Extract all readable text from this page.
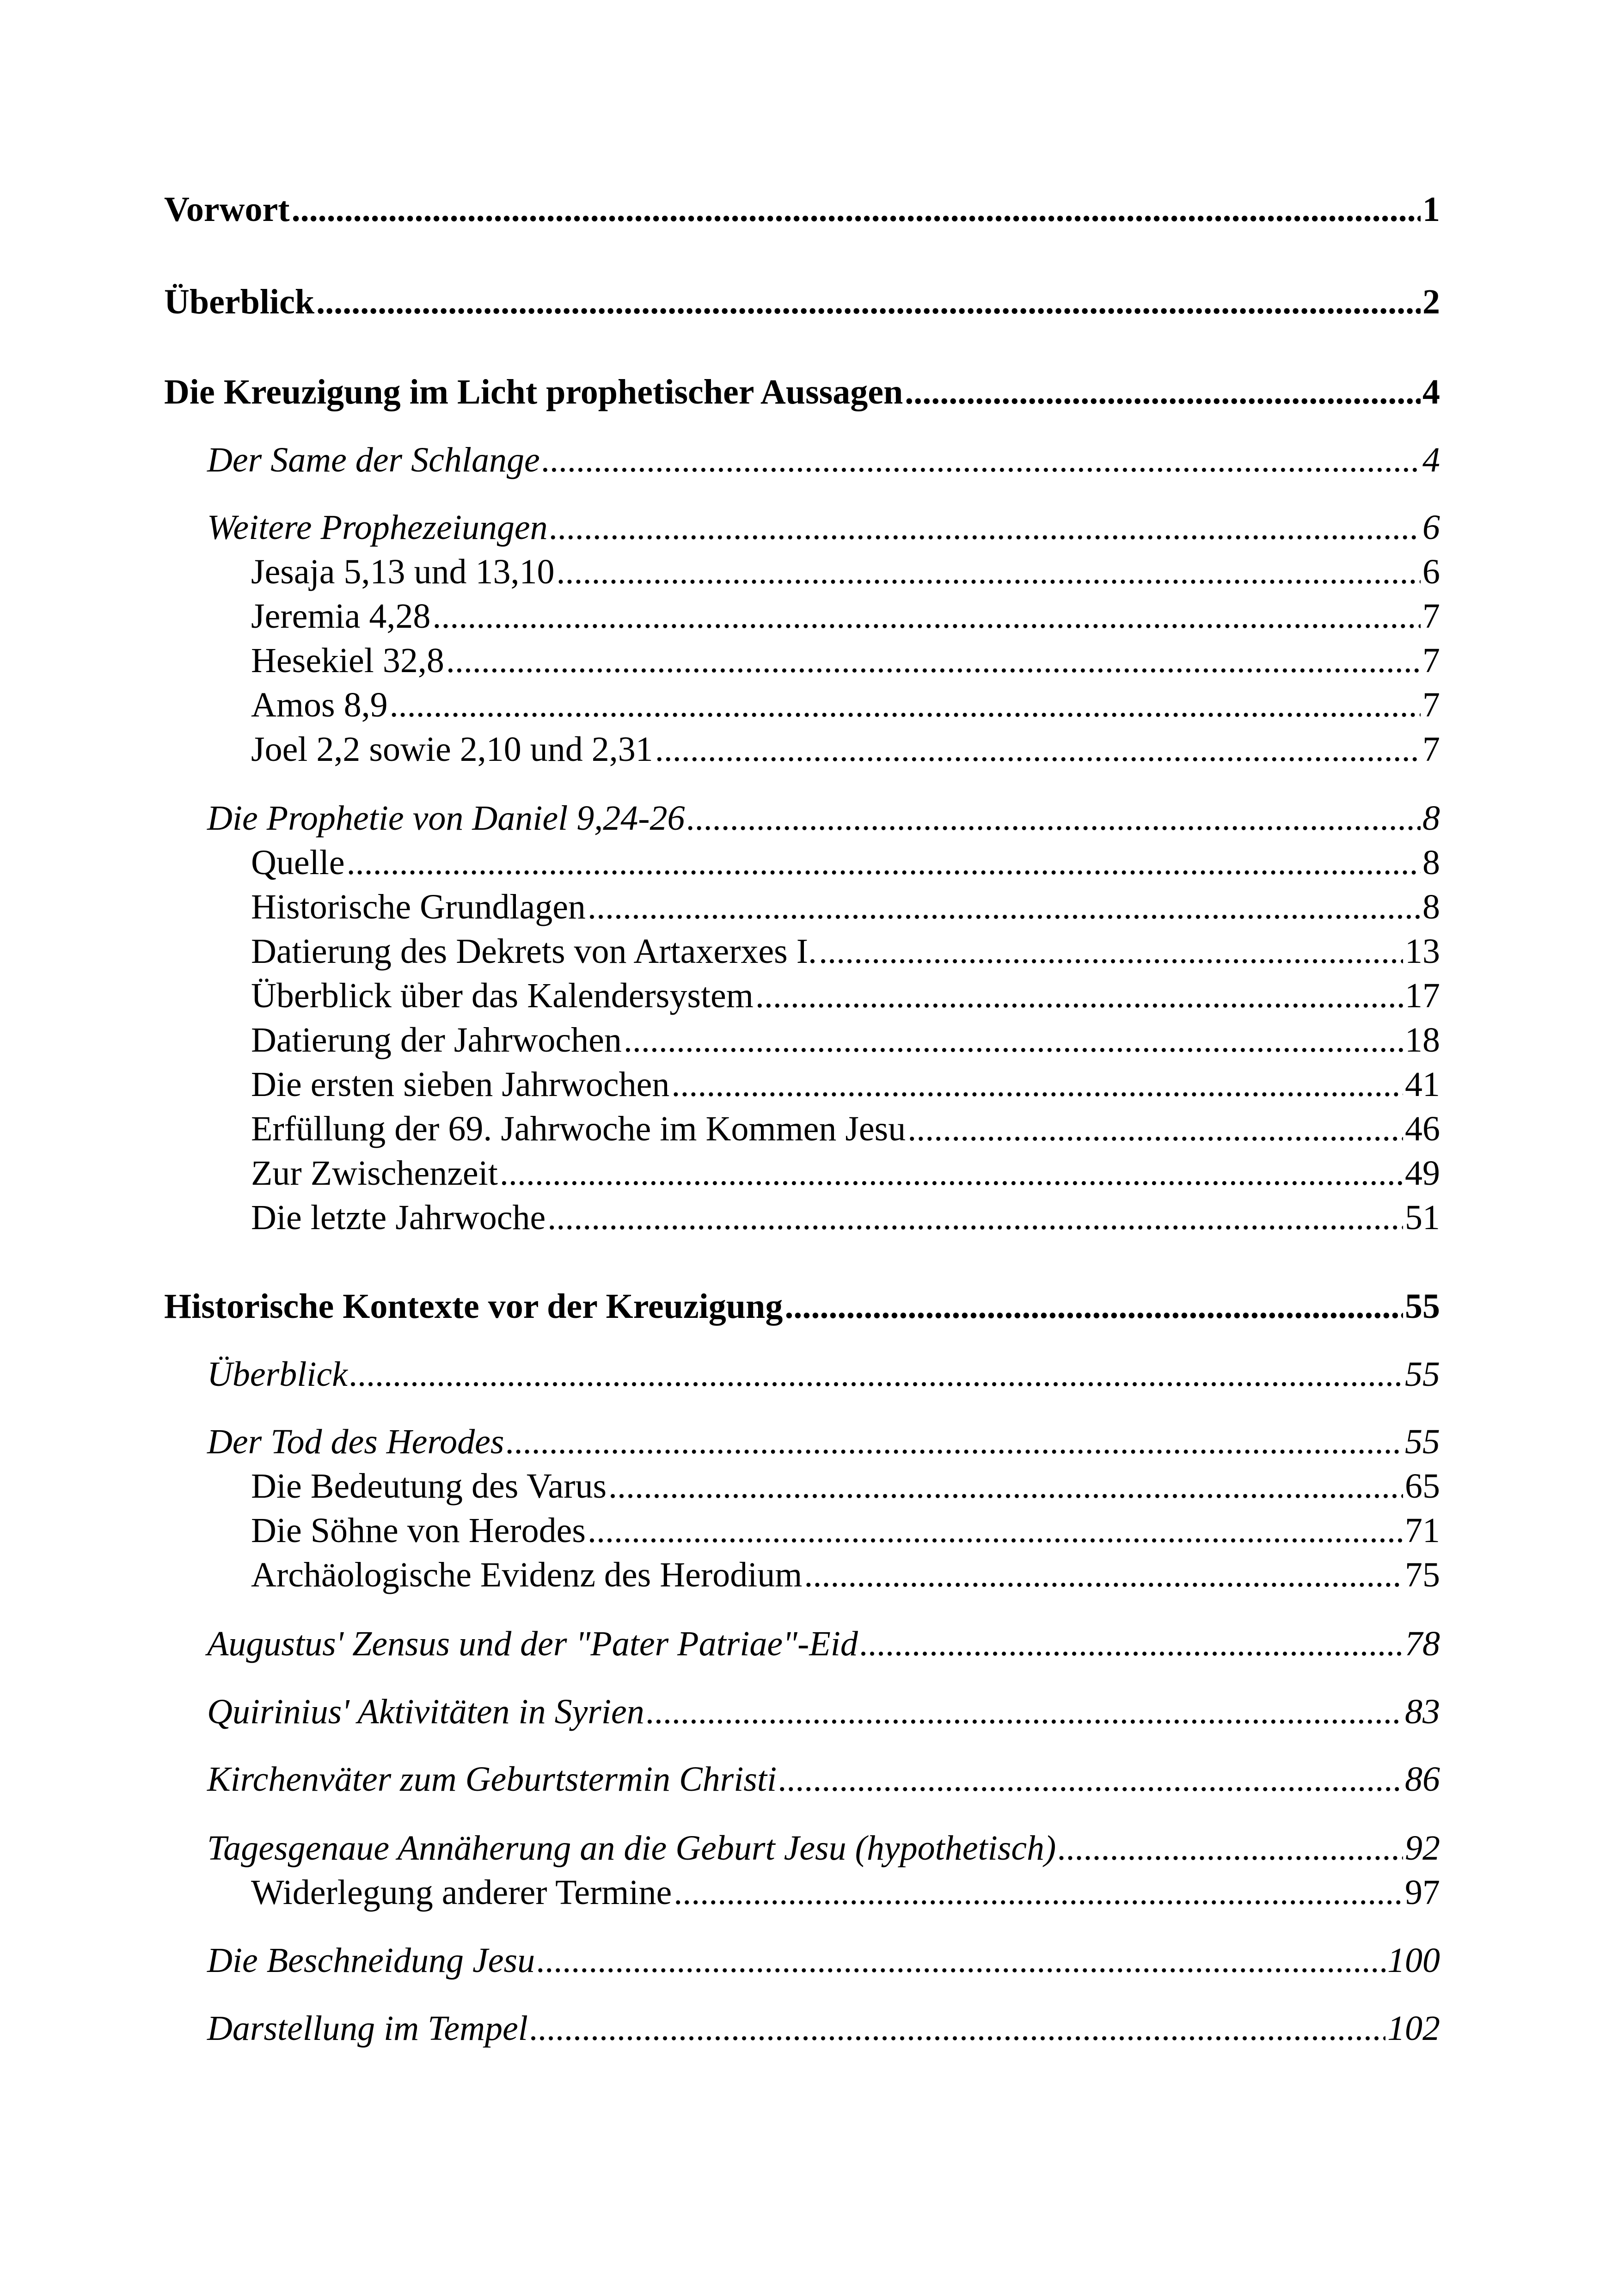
Vorwort .....	1
Überblick .....	2
Die Kreuzigung im Licht prophetischer Aussagen .....	4
Der Same der Schlange .....	4
Weitere Prophezeiungen .....	6
Jesaja 5,13 und 13,10 .....	6
Jeremia 4,28 .....	7
Hesekiel 32,8 .....	7
Amos 8,9 .....	7
Joel 2,2 sowie 2,10 und 2,31 .....	7
Die Prophetie von Daniel 9,24-26 .....	8
Quelle .....	8
Historische Grundlagen .....	8
Datierung des Dekrets von Artaxerxes I. .....	13
Überblick über das Kalendersystem .....	17
Datierung der Jahrwochen .....	18
Die ersten sieben Jahrwochen .....	41
Erfüllung der 69. Jahrwoche im Kommen Jesu .....	46
Zur Zwischenzeit .....	49
Die letzte Jahrwoche .....	51
Historische Kontexte vor der Kreuzigung .....	55
Überblick .....	55
Der Tod des Herodes .....	55
Die Bedeutung des Varus .....	65
Die Söhne von Herodes .....	71
Archäologische Evidenz des Herodium .....	75
Augustus' Zensus und der "Pater Patriae"-Eid .....	78
Quirinius' Aktivitäten in Syrien .....	83
Kirchenväter zum Geburtstermin Christi .....	86
Tagesgenaue Annäherung an die Geburt Jesu (hypothetisch) .....	92
Widerlegung anderer Termine .....	97
Die Beschneidung Jesu .....	100
Darstellung im Tempel .....	102
